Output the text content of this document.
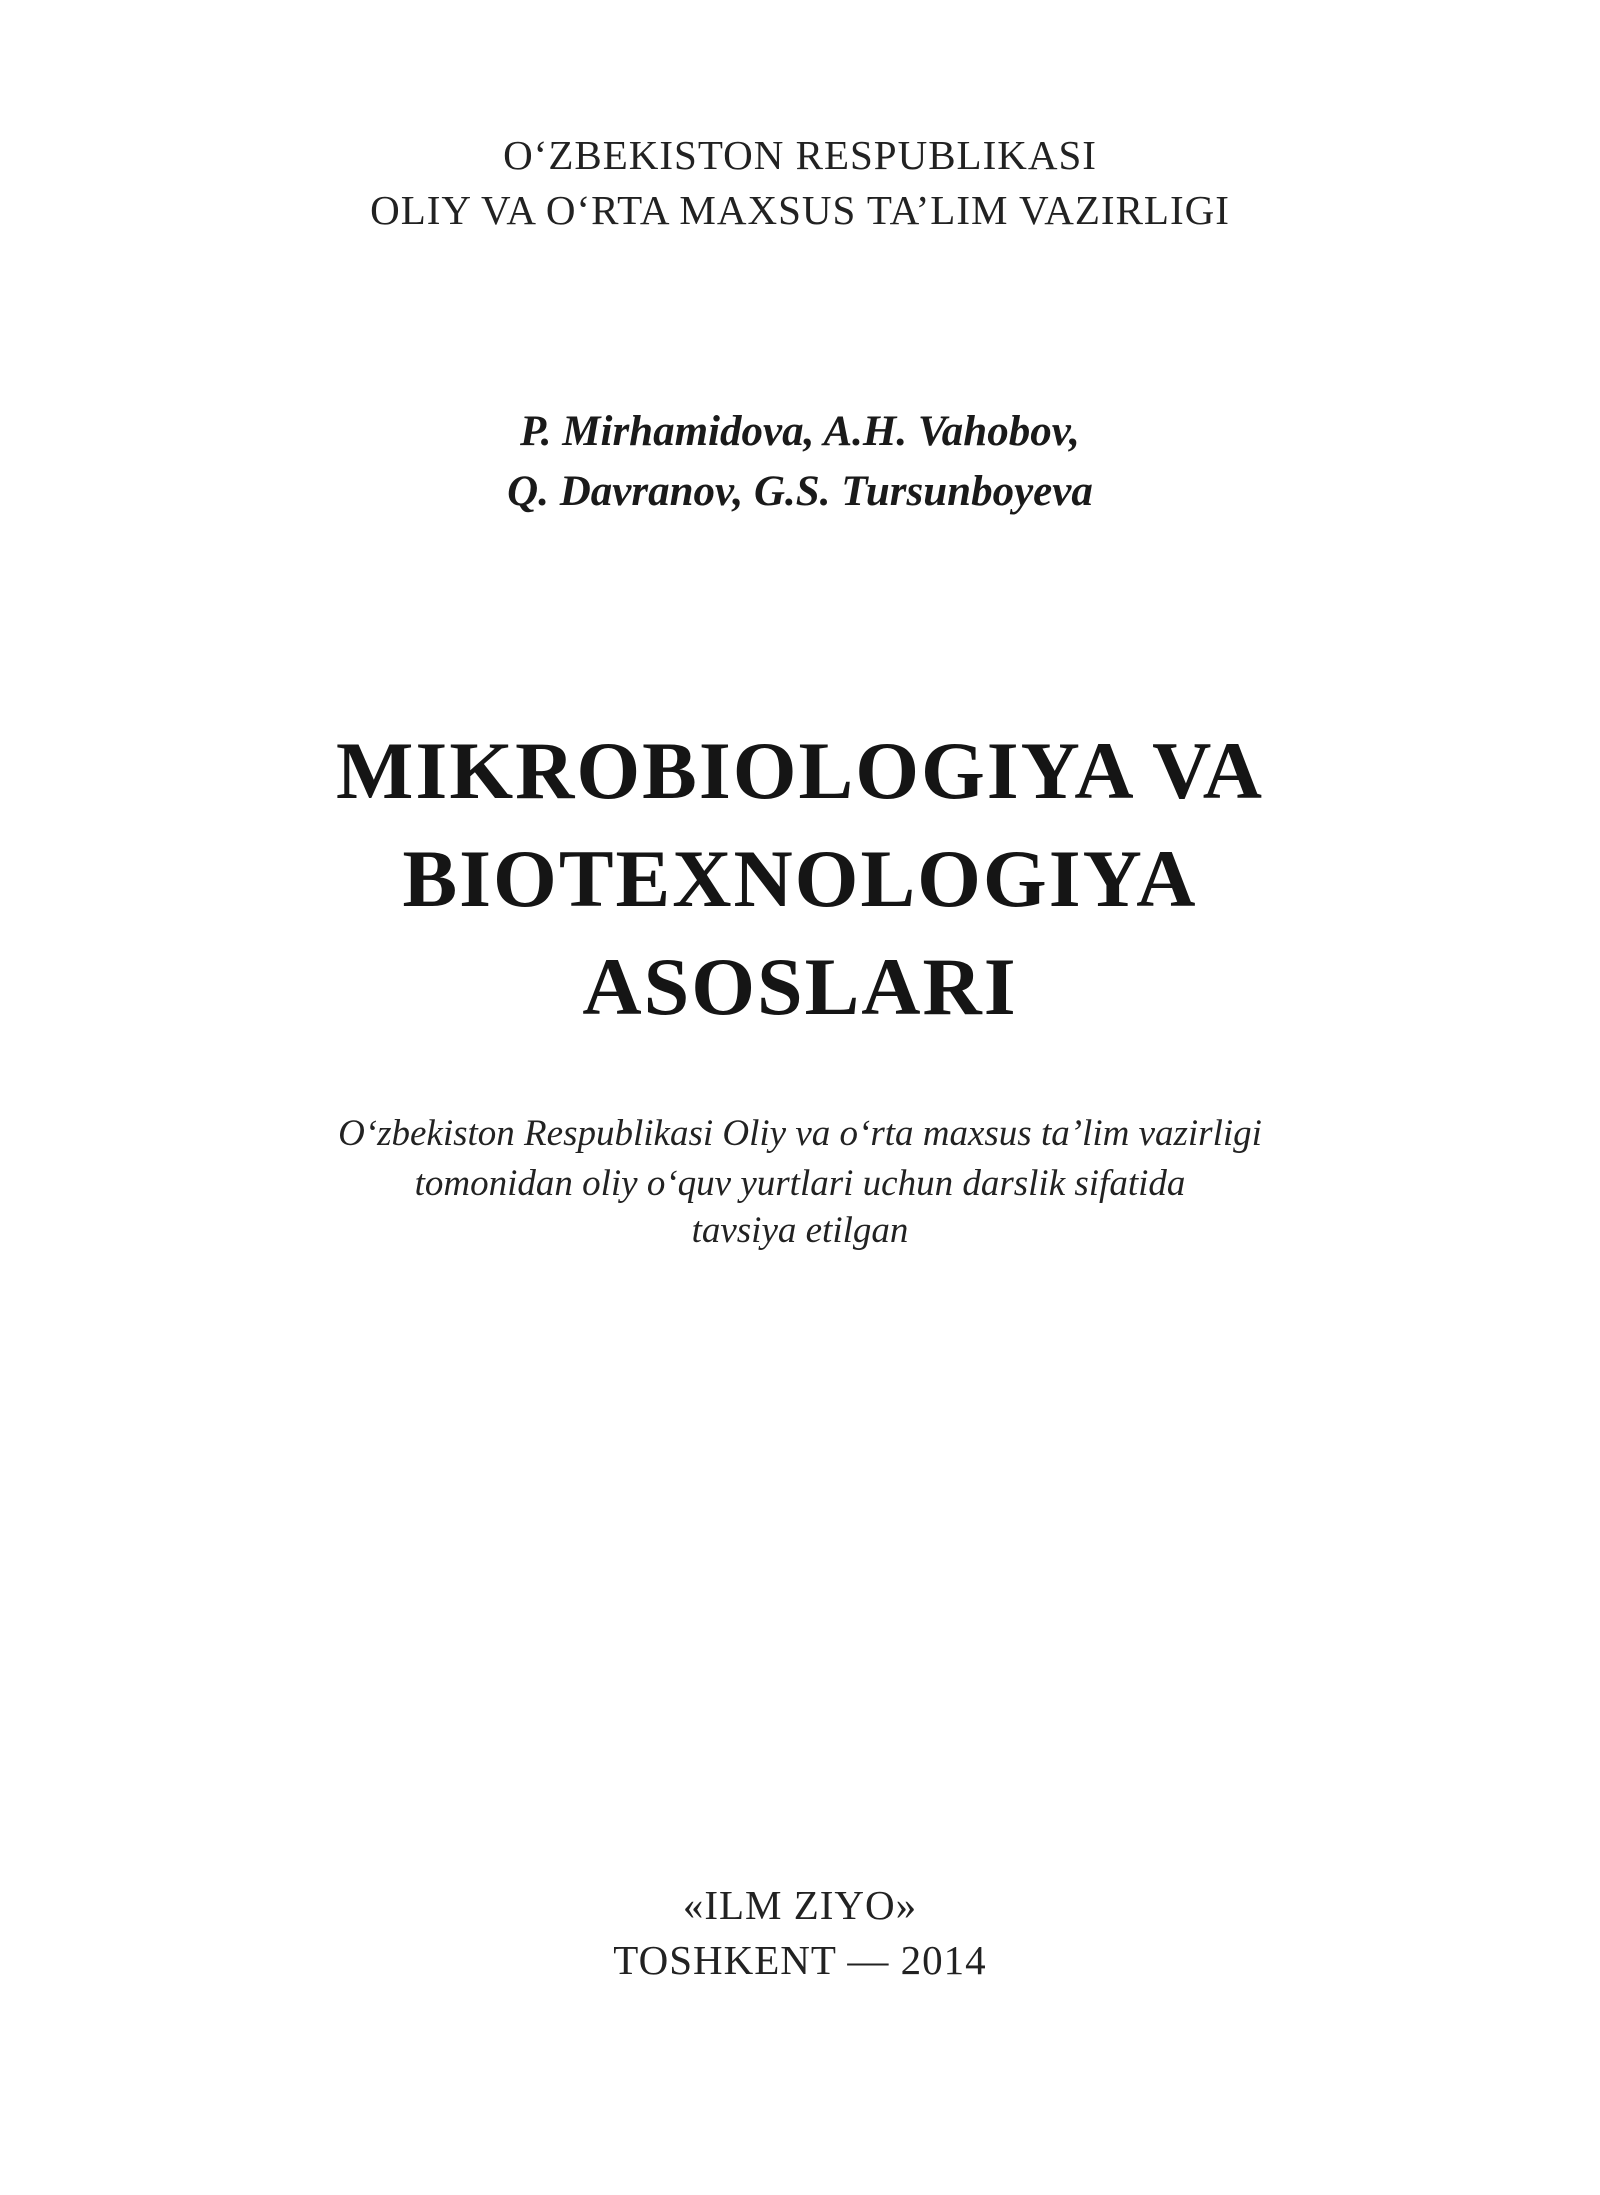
O‘ZBEKISTON RESPUBLIKASI
OLIY VA O‘RTA MAXSUS TA’LIM VAZIRLIGI
P. Mirhamidova, A.H. Vahobov,
Q. Davranov, G.S. Tursunboyeva
MIKROBIOLOGIYA VA
BIOTEXNOLOGIYA
ASOSLARI
O‘zbekiston Respublikasi Oliy va o‘rta maxsus ta’lim vazirligi
tomonidan oliy o‘quv yurtlari uchun darslik sifatida
tavsiya etilgan
«ILM ZIYO»
TOSHKENT — 2014
